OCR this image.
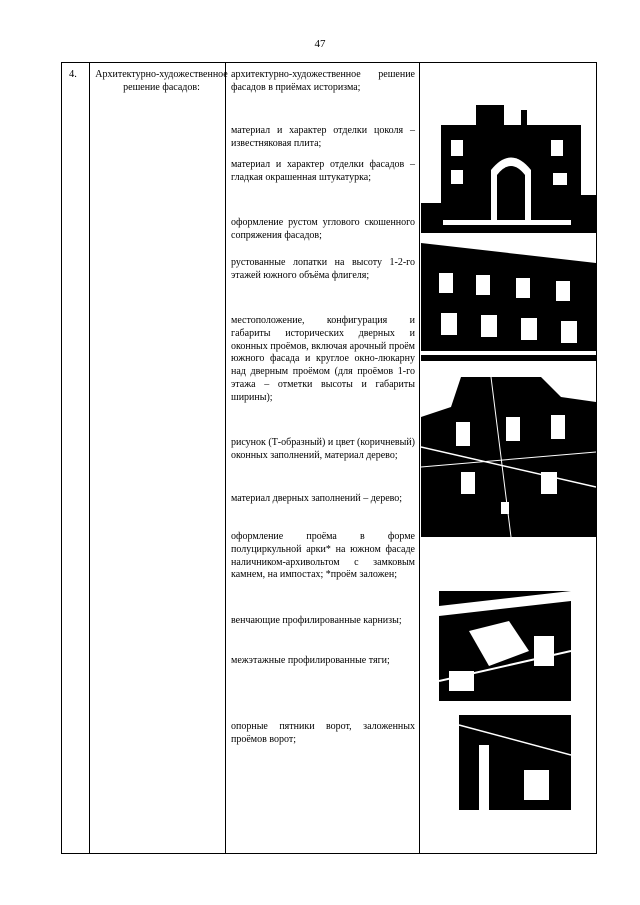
47
4. Архитектурно-художественное решение фасадов:

архитектурно-художественное решение фасадов в приёмах историзма;

материал и характер отделки цоколя – известняковая плита;

материал и характер отделки фасадов – гладкая окрашенная штукатурка;

оформление рустом углового скошенного сопряжения фасадов;

рустованные лопатки на высоту 1-2-го этажей южного объёма флигеля;

местоположение, конфигурация и габариты исторических дверных и оконных проёмов, включая арочный проём южного фасада и круглое окно-люкарну над дверным проёмом (для проёмов 1-го этажа – отметки высоты и габариты ширины);

рисунок (Т-образный) и цвет (коричневый) оконных заполнений, материал дерево;

материал дверных заполнений – дерево;

оформление проёма в форме полуциркульной арки* на южном фасаде наличником-архивольтом с замковым камнем, на импостах; *проём заложен;

венчающие профилированные карнизы;

межэтажные профилированные тяги;

опорные пятники ворот, заложенных проёмов ворот;
